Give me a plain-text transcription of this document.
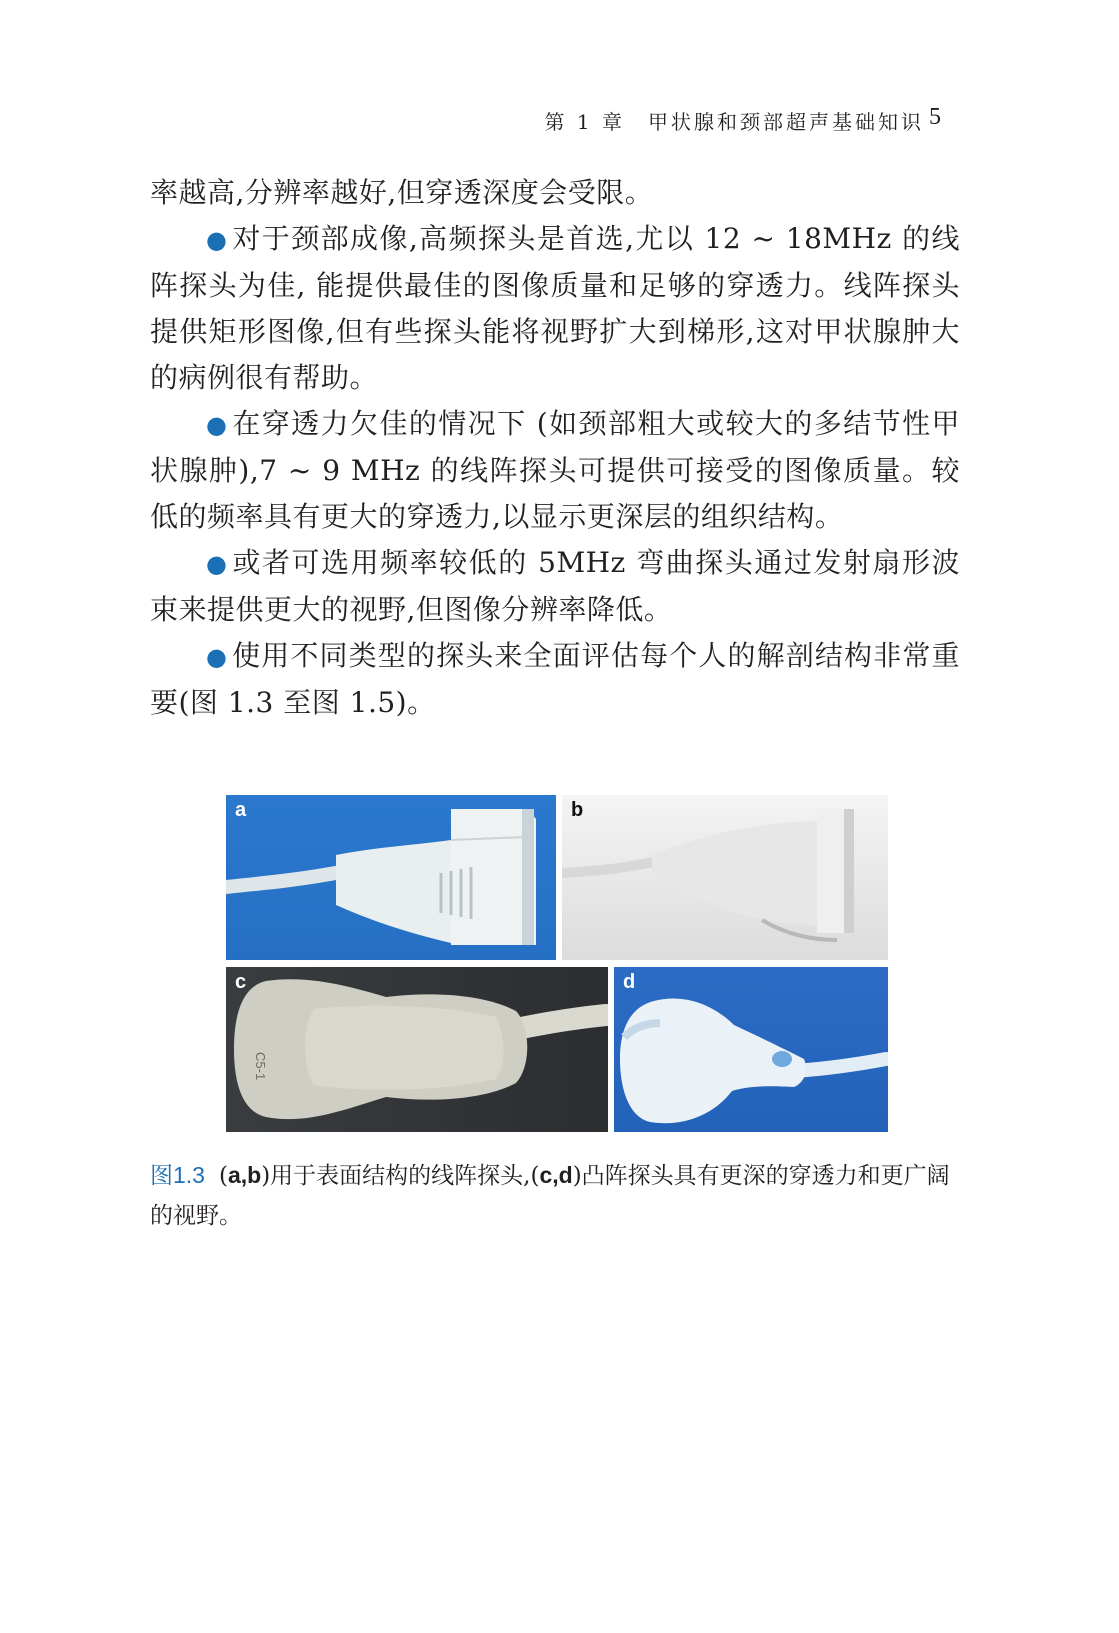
第 1 章　甲状腺和颈部超声基础知识 5

率越高,分辨率越好,但穿透深度会受限。

● 对于颈部成像,高频探头是首选,尤以 12 ~ 18MHz 的线阵探头为佳, 能提供最佳的图像质量和足够的穿透力。线阵探头提供矩形图像,但有些探头能将视野扩大到梯形,这对甲状腺肿大的病例很有帮助。

● 在穿透力欠佳的情况下 (如颈部粗大或较大的多结节性甲状腺肿),7 ~ 9 MHz 的线阵探头可提供可接受的图像质量。较低的频率具有更大的穿透力,以显示更深层的组织结构。

● 或者可选用频率较低的 5MHz 弯曲探头通过发射扇形波束来提供更大的视野,但图像分辨率降低。

● 使用不同类型的探头来全面评估每个人的解剖结构非常重要(图 1.3 至图 1.5)。

a	b
C5-1
c	d
图1.3 (a,b)用于表面结构的线阵探头,(c,d)凸阵探头具有更深的穿透力和更广阔的视野。
